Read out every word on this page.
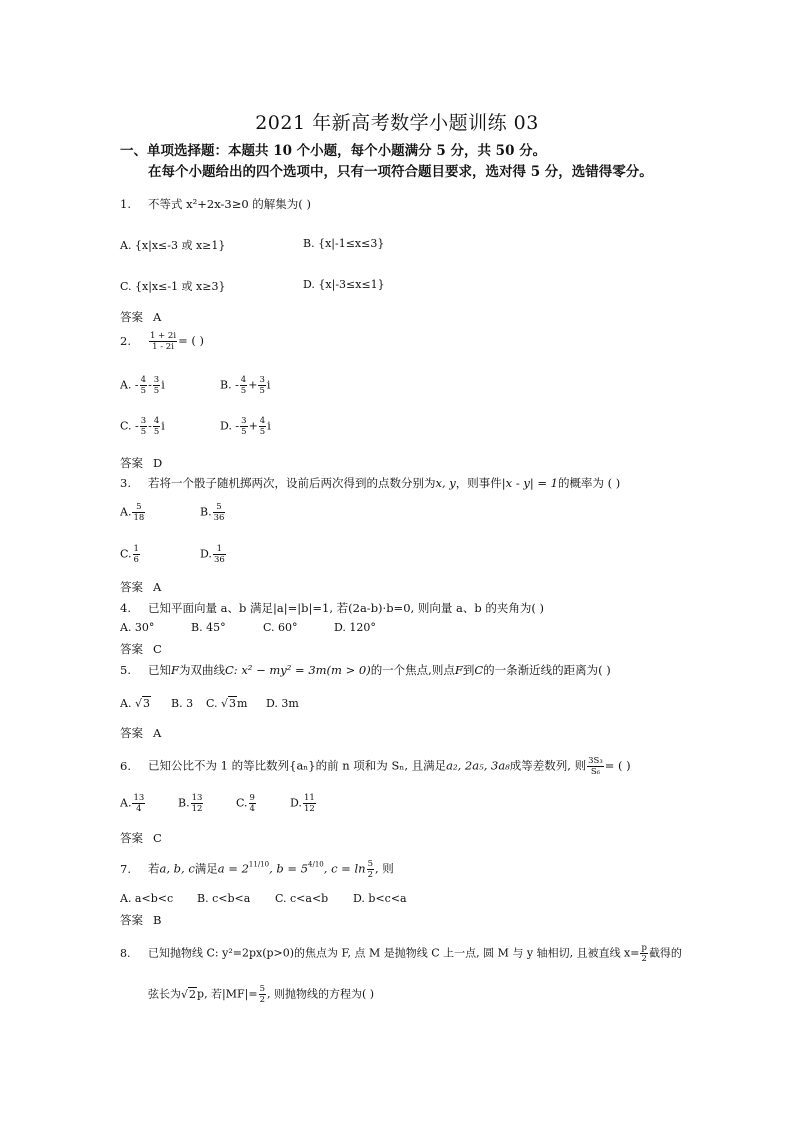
2021 年新高考数学小题训练 03
一、单项选择题：本题共 10 个小题，每个小题满分 5 分，共 50 分。
在每个小题给出的四个选项中，只有一项符合题目要求，选对得 5 分，选错得零分。
1. 不等式 x²+2x-3≥0 的解集为( )
A. {x|x≤-3 或 x≥1}	B. {x|-1≤x≤3}
C. {x|x≤-1 或 x≥3}	D. {x|-3≤x≤1}
答案 A
2. $\frac{1 + 2i}{1 - 2i}$ = ( )
A. - $\frac{4}{5} - \frac{3}{5}$ i	B. - $\frac{4}{5} + \frac{3}{5}$ i
C. - $\frac{3}{5} - \frac{4}{5}$ i	D. - $\frac{3}{5} + \frac{4}{5}$ i
答案 D
3. 若将一个骰子随机掷两次，设前后两次得到的点数分别为x, y，则事件|x - y| = 1的概率为 ( )
A. $\frac{5}{18}$	B. $\frac{5}{36}$
C. $\frac{1}{6}$	D. $\frac{1}{36}$
答案 A
4. 已知平面向量 a、b 满足|a|=|b|=1, 若(2a-b)·b=0, 则向量 a、b 的夹角为( )
A. 30°	B. 45°	C. 60°	D. 120°
答案 C
5. 已知F为双曲线C: x² − my² = 3m(m > 0)的一个焦点,则点F到C的一条渐近线的距离为( )
A. √3 B. 3 C. √3m D. 3m
答案 A
6. 已知公比不为 1 的等比数列{aₙ}的前 n 项和为 Sₙ, 且满足a₂, 2a₅, 3a₈成等差数列, 则 $\frac{\text{3S₃}}{\text{S₆}}$ = ( )
A. $\frac{13}{4}$	B. $\frac{13}{12}$	C. $\frac{9}{4}$	D. $\frac{11}{12}$
答案 C
7. 若a, b, c满足$a = 2^{11/10}$, $b = 5^{4/10}$, $c = \ln \frac{5}{2}$ , 则
A. a<b<c B. c<b<a C. c<a<b D. b<c<a
答案 B
8. 已知抛物线 C: y²=2px(p>0)的焦点为 F, 点 M 是抛物线 C 上一点, 圆 M 与 y 轴相切, 且被直线 $x= \frac{p}{2}$ 截得的
弦长为√2p, 若$|MF|= \frac{5}{2}$ , 则抛物线的方程为( )
